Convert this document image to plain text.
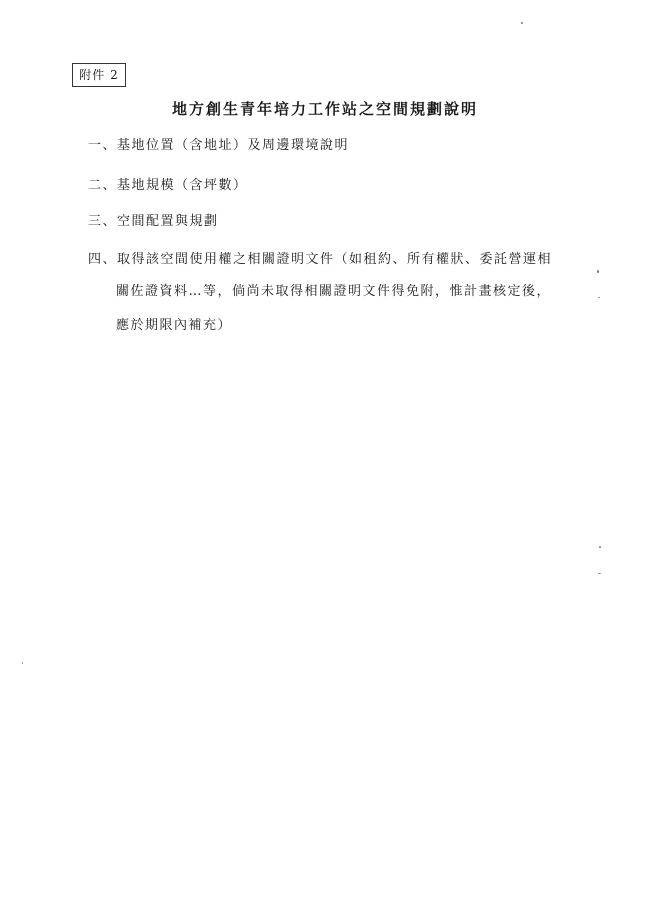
附件 2
地方創生青年培力工作站之空間規劃說明
一、基地位置（含地址）及周邊環境說明
二、基地規模（含坪數）
三、空間配置與規劃
四、取得該空間使用權之相關證明文件（如租約、所有權狀、委託營運相
關佐證資料…等，倘尚未取得相關證明文件得免附，惟計畫核定後，
應於期限內補充）
